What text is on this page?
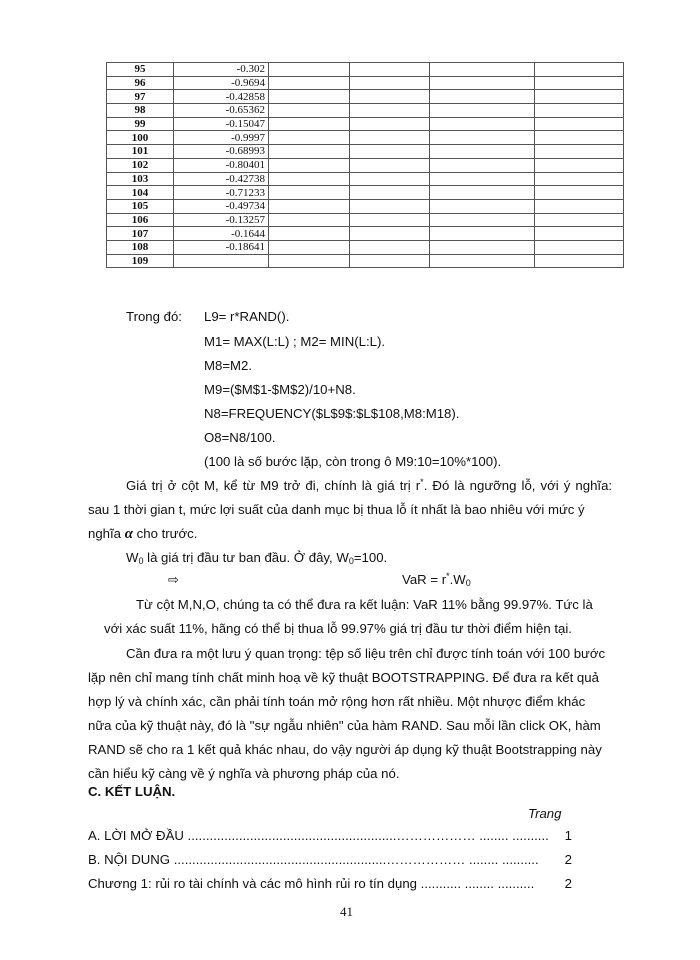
95	-0.302				
96	-0.9694				
97	-0.42858				
98	-0.65362				
99	-0.15047				
100	-0.9997				
101	-0.68993				
102	-0.80401				
103	-0.42738				
104	-0.71233				
105	-0.49734				
106	-0.13257				
107	-0.1644				
108	-0.18641				
109					
Trong đó: L9= r*RAND().
M1= MAX(L:L) ; M2= MIN(L:L).
M8=M2.
M9=($M$1-$M$2)/10+N8.
N8=FREQUENCY($L$9$:$L$108,M8:M18).
O8=N8/100.
(100 là số bước lặp, còn trong ô M9:10=10%*100).
Giá trị ở cột M, kể từ M9 trở đi, chính là giá trị r*. Đó là ngưỡng lỗ, với ý nghĩa:
sau 1 thời gian t, mức lợi suất của danh mục bị thua lỗ ít nhất là bao nhiêu với mức ý
nghĩa α cho trước.
$W_0$ là giá trị đầu tư ban đầu. Ở đây, $W_0=100$.
⇨	VaR = $r^*.W_0$
Từ cột M,N,O, chúng ta có thể đưa ra kết luận: VaR 11% bằng 99.97%. Tức là
với xác suất 11%, hãng có thể bị thua lỗ 99.97% giá trị đầu tư thời điểm hiện tại.
Cần đưa ra một lưu ý quan trọng: tệp số liệu trên chỉ được tính toán với 100 bước
lặp nên chỉ mang tính chất minh hoạ về kỹ thuật BOOTSTRAPPING. Để đưa ra kết quả
hợp lý và chính xác, cần phải tính toán mở rộng hơn rất nhiều. Một nhược điểm khác
nữa của kỹ thuật này, đó là "sự ngẫu nhiên" của hàm RAND. Sau mỗi lần click OK, hàm
RAND sẽ cho ra 1 kết quả khác nhau, do vậy người áp dụng kỹ thuật Bootstrapping này
cần hiểu kỹ càng về ý nghĩa và phương pháp của nó.
C. KẾT LUẬN.
Trang
A. LỜI MỞ ĐẦU .........................................................……………… ........ .......... 1
B. NỘI DUNG ..........................................................……………… ........ .......... 2
Chương 1: rủi ro tài chính và các mô hình rủi ro tín dụng ........... ........ .......... 2
41
